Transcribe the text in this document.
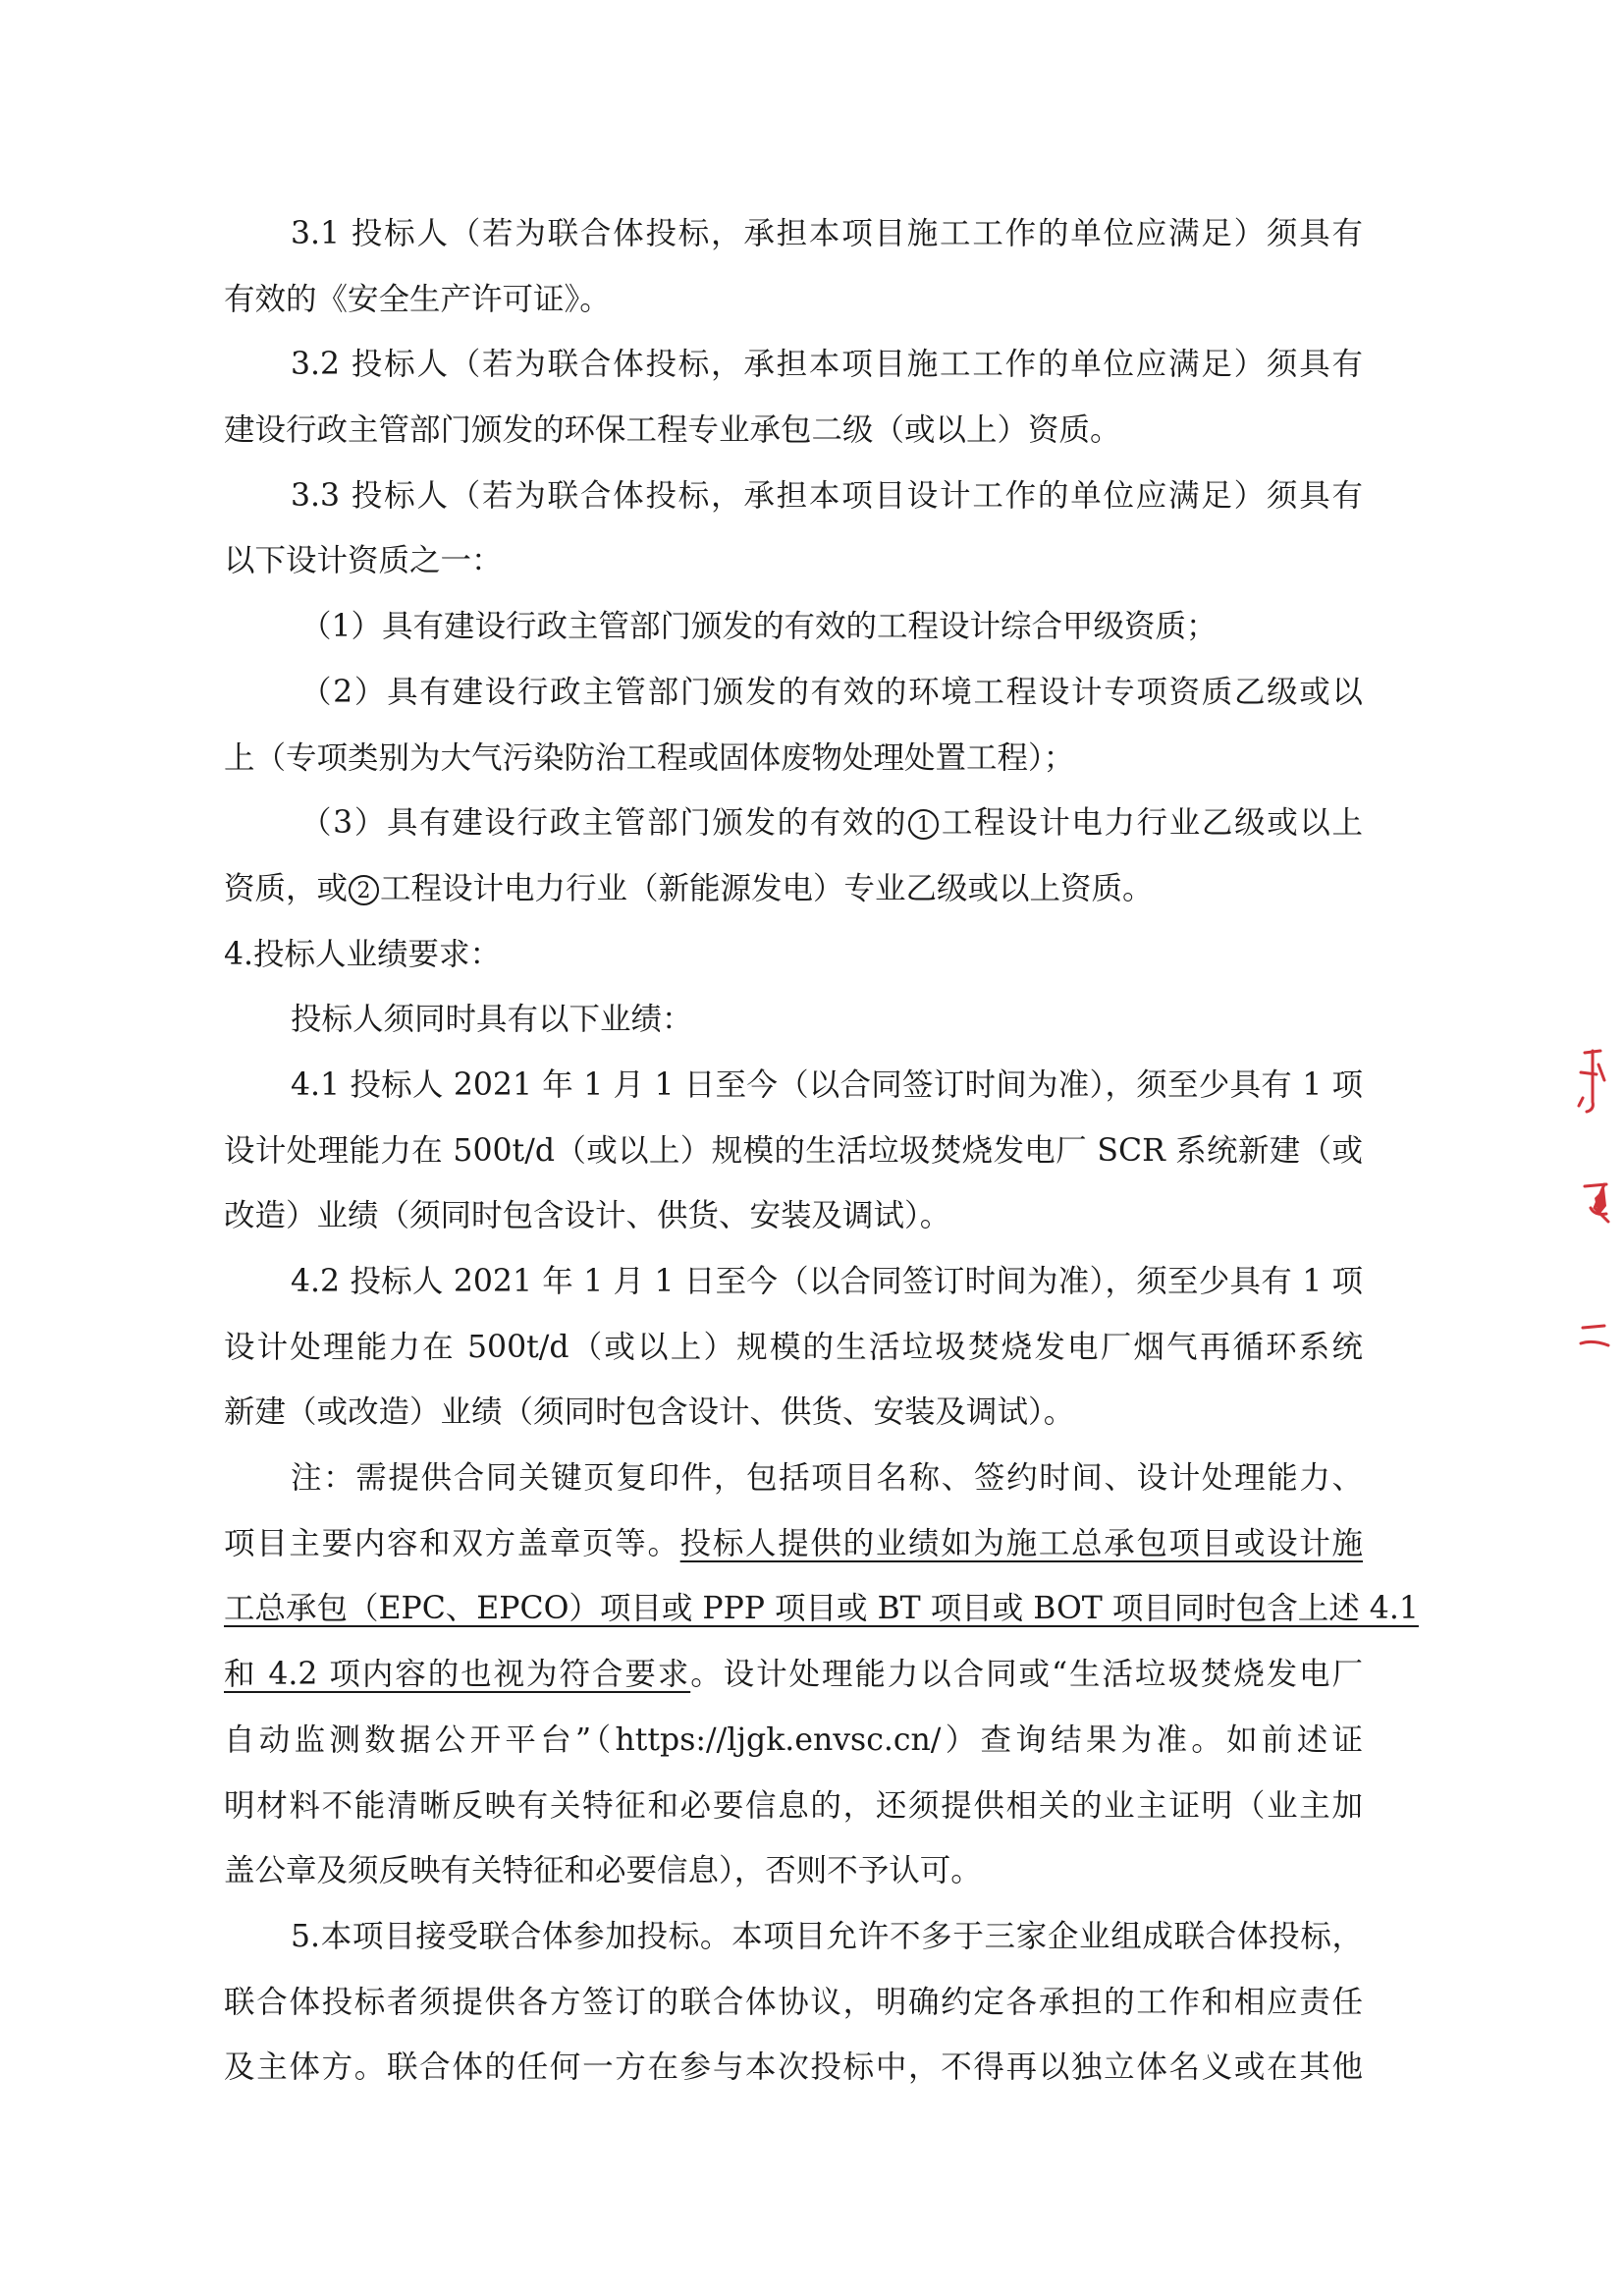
3.1 投标人（若为联合体投标，承担本项目施工工作的单位应满足）须具有
有效的《安全生产许可证》。
3.2 投标人（若为联合体投标，承担本项目施工工作的单位应满足）须具有
建设行政主管部门颁发的环保工程专业承包二级（或以上）资质。
3.3 投标人（若为联合体投标，承担本项目设计工作的单位应满足）须具有
以下设计资质之一：
（1）具有建设行政主管部门颁发的有效的工程设计综合甲级资质；
（2）具有建设行政主管部门颁发的有效的环境工程设计专项资质乙级或以
上（专项类别为大气污染防治工程或固体废物处理处置工程）；
（3）具有建设行政主管部门颁发的有效的 1 工程设计电力行业乙级或以上
资质，或 2 工程设计电力行业（新能源发电）专业乙级或以上资质。
4.投标人业绩要求：
投标人须同时具有以下业绩：
4.1 投标人 2021 年 1 月 1 日至今（以合同签订时间为准），须至少具有 1 项
设计处理能力在 500t/d（或以上）规模的生活垃圾焚烧发电厂 SCR 系统新建（或
改造）业绩（须同时包含设计、供货、安装及调试）。
4.2 投标人 2021 年 1 月 1 日至今（以合同签订时间为准），须至少具有 1 项
设计处理能力在 500t/d（或以上）规模的生活垃圾焚烧发电厂烟气再循环系统
新建（或改造）业绩（须同时包含设计、供货、安装及调试）。
注：需提供合同关键页复印件，包括项目名称、签约时间、设计处理能力、
项目主要内容和双方盖章页等。投标人提供的业绩如为施工总承包项目或设计施
工总承包（EPC、EPCO）项目或 PPP 项目或 BT 项目或 BOT 项目同时包含上述 4.1
和 4.2 项内容的也视为符合要求。设计处理能力以合同或“生活垃圾焚烧发电厂
自动监测数据公开平台”（https://ljgk.envsc.cn/）查询结果为准。如前述证
明材料不能清晰反映有关特征和必要信息的，还须提供相关的业主证明（业主加
盖公章及须反映有关特征和必要信息），否则不予认可。
5.本项目接受联合体参加投标。本项目允许不多于三家企业组成联合体投标，
联合体投标者须提供各方签订的联合体协议，明确约定各承担的工作和相应责任
及主体方。联合体的任何一方在参与本次投标中，不得再以独立体名义或在其他
